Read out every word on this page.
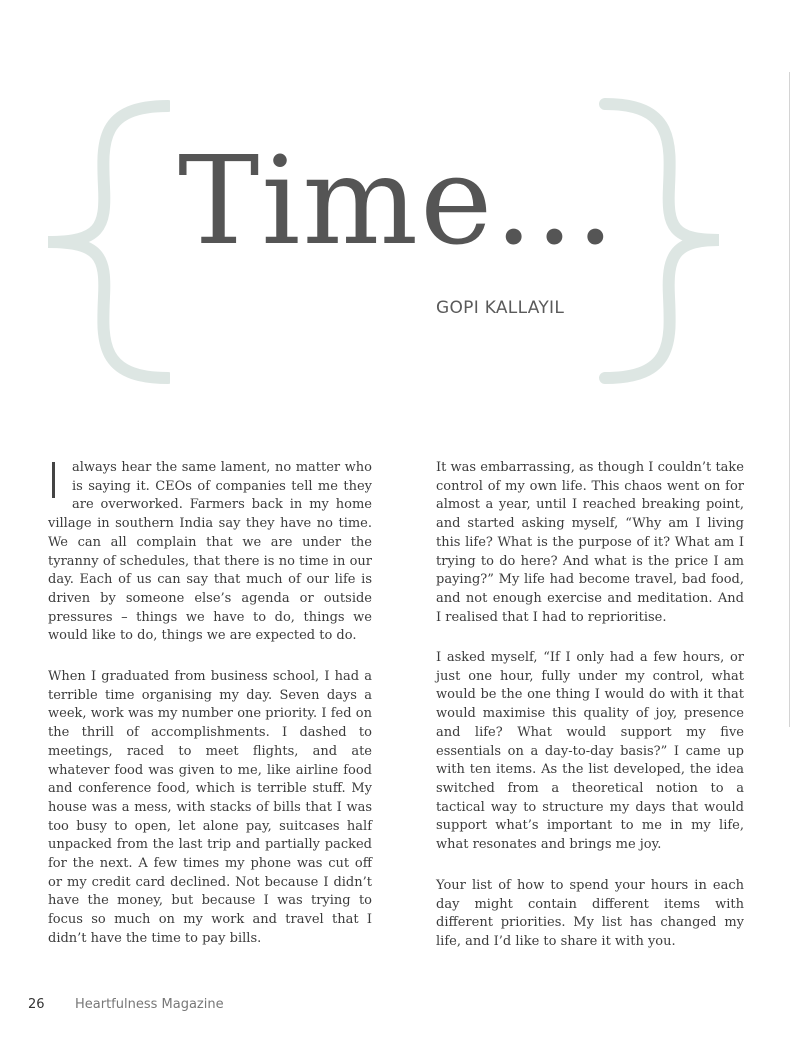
Time...
GOPI KALLAYIL

always hear the same lament, no matter who is saying it. CEOs of companies tell me they are overworked. Farmers back in my home village in southern India say they have no time. We can all complain that we are under the tyranny of schedules, that there is no time in our day. Each of us can say that much of our life is driven by someone else’s agenda or outside pressures – things we have to do, things we would like to do, things we are expected to do.

When I graduated from business school, I had a terrible time organising my day. Seven days a week, work was my number one priority. I fed on the thrill of accomplishments. I dashed to meetings, raced to meet flights, and ate whatever food was given to me, like airline food and conference food, which is terrible stuff. My house was a mess, with stacks of bills that I was too busy to open, let alone pay, suitcases half unpacked from the last trip and partially packed for the next. A few times my phone was cut off or my credit card declined. Not because I didn’t have the money, but because I was trying to focus so much on my work and travel that I didn’t have the time to pay bills.

It was embarrassing, as though I couldn’t take control of my own life. This chaos went on for almost a year, until I reached breaking point, and started asking myself, “Why am I living this life? What is the purpose of it? What am I trying to do here? And what is the price I am paying?” My life had become travel, bad food, and not enough exercise and meditation. And I realised that I had to reprioritise.

I asked myself, “If I only had a few hours, or just one hour, fully under my control, what would be the one thing I would do with it that would maximise this quality of joy, presence and life? What would support my five essentials on a day-to-day basis?” I came up with ten items. As the list developed, the idea switched from a theoretical notion to a tactical way to structure my days that would support what’s important to me in my life, what resonates and brings me joy.

Your list of how to spend your hours in each day might contain different items with different priorities. My list has changed my life, and I’d like to share it with you.

26 Heartfulness Magazine
